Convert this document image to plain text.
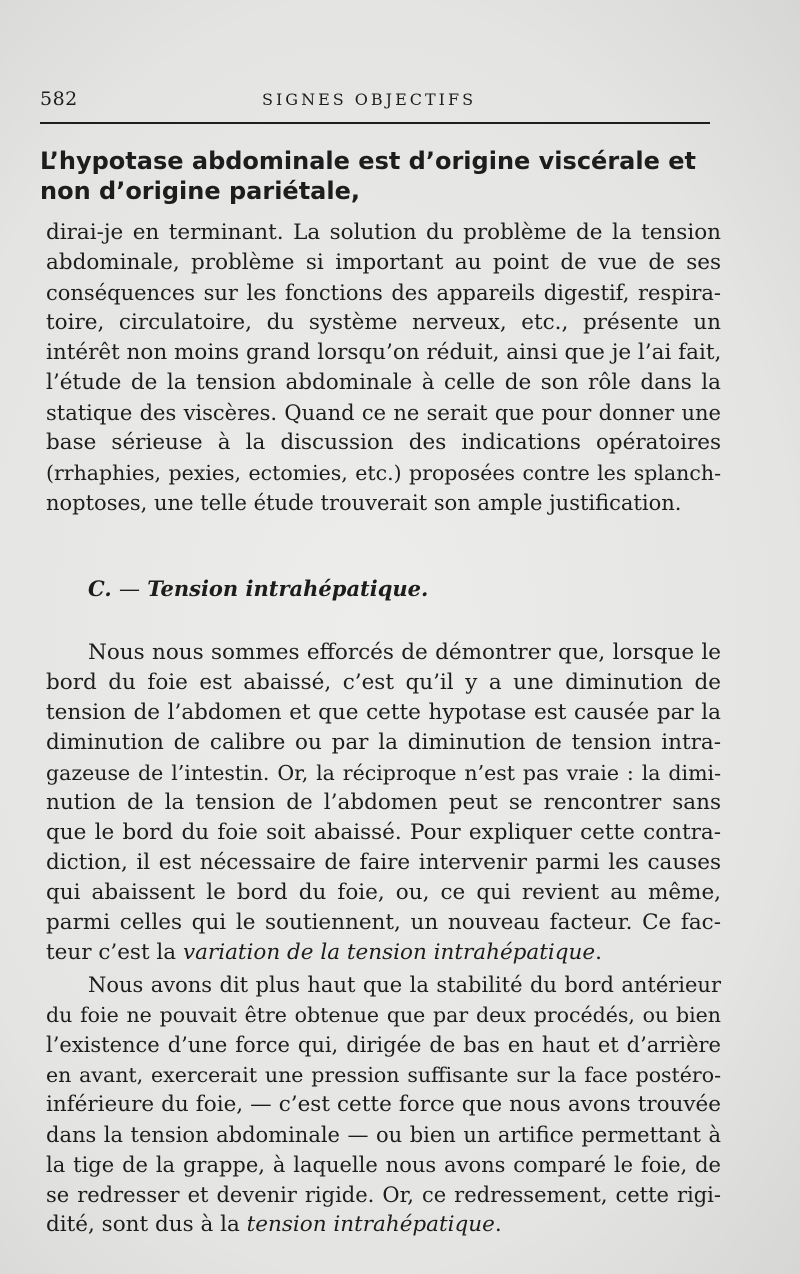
582	SIGNES OBJECTIFS
L’hypotase abdominale est d’origine viscérale et
non d’origine pariétale,
dirai-je en terminant. La solution du problème de la tension
abdominale, problème si important au point de vue de ses
conséquences sur les fonctions des appareils digestif, respira-
toire, circulatoire, du système nerveux, etc., présente un
intérêt non moins grand lorsqu’on réduit, ainsi que je l’ai fait,
l’étude de la tension abdominale à celle de son rôle dans la
statique des viscères. Quand ce ne serait que pour donner une
base sérieuse à la discussion des indications opératoires
(rrhaphies, pexies, ectomies, etc.) proposées contre les splanch-
noptoses, une telle étude trouverait son ample justification.
C. — Tension intrahépatique.
Nous nous sommes efforcés de démontrer que, lorsque le
bord du foie est abaissé, c’est qu’il y a une diminution de
tension de l’abdomen et que cette hypotase est causée par la
diminution de calibre ou par la diminution de tension intra-
gazeuse de l’intestin. Or, la réciproque n’est pas vraie : la dimi-
nution de la tension de l’abdomen peut se rencontrer sans
que le bord du foie soit abaissé. Pour expliquer cette contra-
diction, il est nécessaire de faire intervenir parmi les causes
qui abaissent le bord du foie, ou, ce qui revient au même,
parmi celles qui le soutiennent, un nouveau facteur. Ce fac-
teur c’est la variation de la tension intrahépatique.
Nous avons dit plus haut que la stabilité du bord antérieur
du foie ne pouvait être obtenue que par deux procédés, ou bien
l’existence d’une force qui, dirigée de bas en haut et d’arrière
en avant, exercerait une pression suffisante sur la face postéro-
inférieure du foie, — c’est cette force que nous avons trouvée
dans la tension abdominale — ou bien un artifice permettant à
la tige de la grappe, à laquelle nous avons comparé le foie, de
se redresser et devenir rigide. Or, ce redressement, cette rigi-
dité, sont dus à la tension intrahépatique.
